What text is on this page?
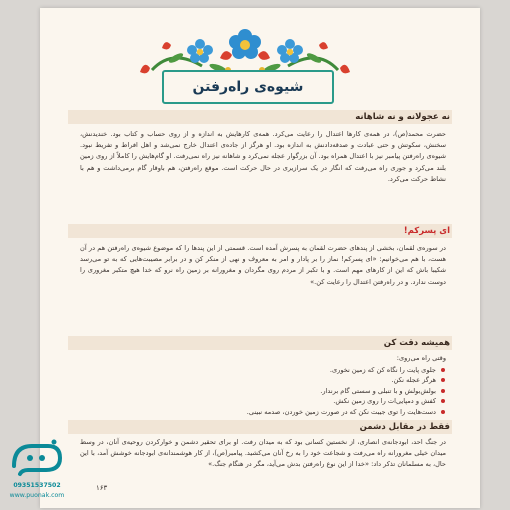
شیوه‌ی راه‌رفتن
نه عجولانه و نه شاهانه
حضرت محمد(ص)، در همه‌ی کارها اعتدال را رعایت می‌کرد. همه‌ی کارهایش به اندازه و از روی حساب و کتاب بود. خندیدنش، سخنش، سکوتش و حتی عبادت و صدقه‌دادنش به اندازه بود. او هرگز از جاده‌ی اعتدال خارج نمی‌شد و اهل افراط و تفریط نبود. شیوه‌ی راه‌رفتن پیامبر نیز با اعتدال همراه بود. آن بزرگوار عجله نمی‌کرد و شاهانه نیز راه نمی‌رفت. او گام‌هایش را کاملاً از روی زمین بلند می‌کرد و جوری راه می‌رفت که انگار در یک سرازیری در حال حرکت است. موقع راه‌رفتن، هم باوقار گام برمی‌داشت و هم با نشاط حرکت می‌کرد.
ای پسرکم!
در سوره‌ی لقمان، بخشی از پندهای حضرت لقمان به پسرش آمده است. قسمتی از این پندها را که موضوع شیوه‌ی راه‌رفتن هم در آن هست، با هم می‌خوانیم: «ای پسرکم! نماز را بر پادار و امر به معروف و نهی از منکر کن و در برابر مصیبت‌هایی که به تو می‌رسد شکیبا باش که این از کارهای مهم است. و با تکبر از مردم روی مگردان و مغرورانه بر زمین راه نرو که خدا هیچ متکبر مغروری را دوست ندارد. و در راه‌رفتن اعتدال را رعایت کن.»
همیشه دقت کن
وقتی راه می‌روی:
جلوی پایت را نگاه کن که زمین نخوری.
هرگز عجله نکن.
بولش‌بولش و با تنبلی و سستی گام برندار.
کفش و دمپایی‌ات را روی زمین نکش.
دست‌هایت را توی جیبت نکن که در صورت زمین خوردن، صدمه نبینی.
فقط در مقابل دشمن
در جنگ احد، ابودجانه‌ی انصاری، از نخستین کسانی بود که به میدان رفت. او برای تحقیر دشمن و خوارکردن روحیه‌ی آنان، در وسط میدان خیلی مغرورانه راه می‌رفت و شجاعت خود را به رخ آنان می‌کشید. پیامبر(ص)، از کار هوشمندانه‌ی ابودجانه خوشش آمد، با این حال، به مسلمانان تذکر داد: «خدا از این نوع راه‌رفتن بدش می‌آید، مگر در هنگام جنگ.»
۱۶۳
09351537502
www.puonak.com
